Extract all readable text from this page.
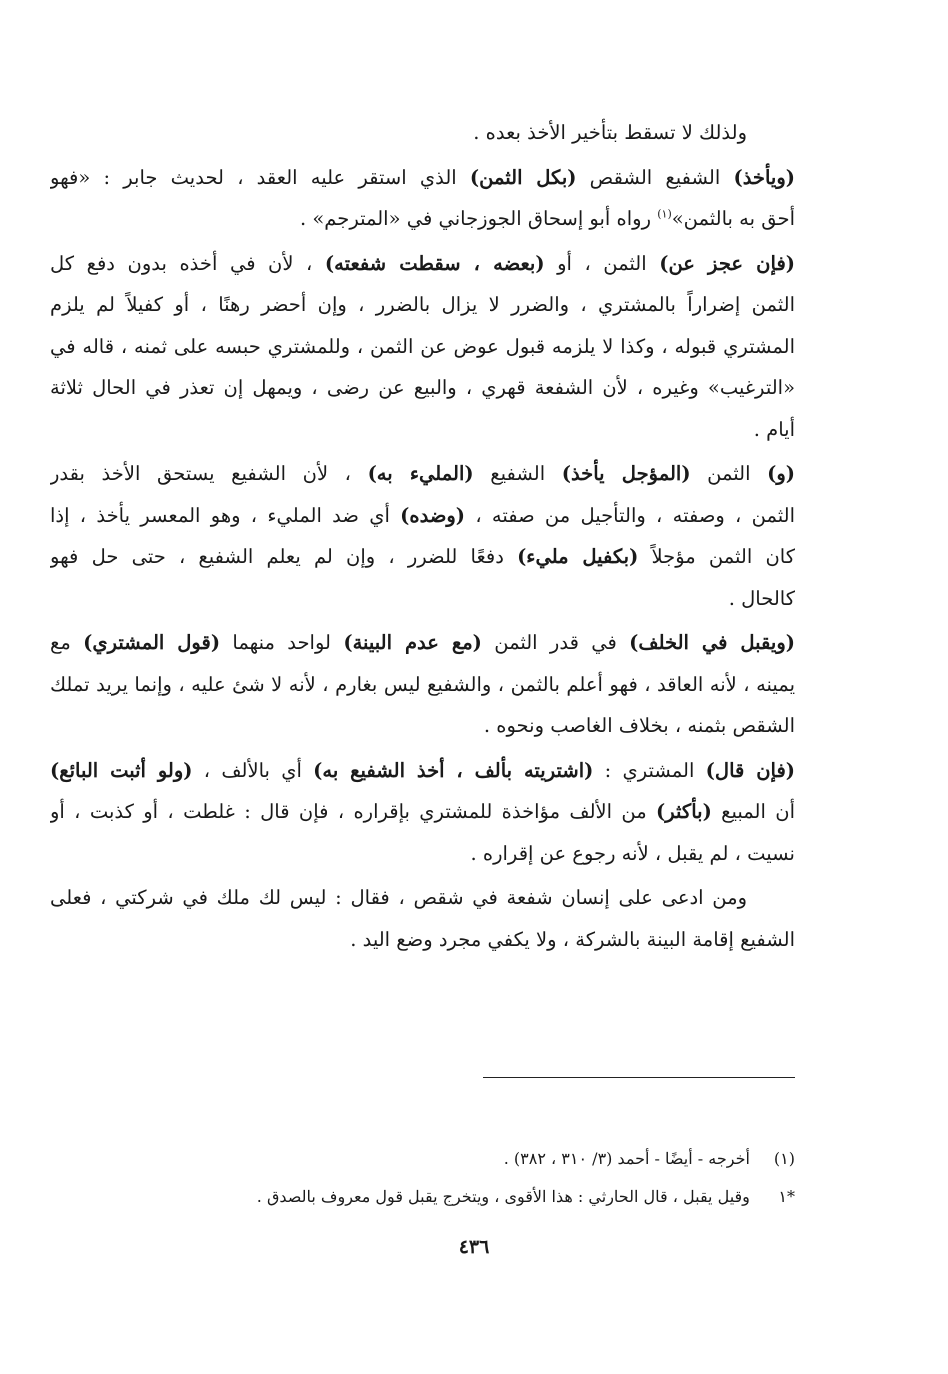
ولذلك لا تسقط بتأخير الأخذ بعده .
(ويأخذ) الشفيع الشقص (بكل الثمن) الذي استقر عليه العقد ، لحديث جابر : «فهو
أحق به بالثمن»$^{(١)}$ رواه أبو إسحاق الجوزجاني في «المترجم» .
(فإن عجز عن) الثمن ، أو (بعضه ، سقطت شفعته) ، لأن في أخذه بدون دفع كل
الثمن إضراراً بالمشتري ، والضرر لا يزال بالضرر ، وإن أحضر رهنًا ، أو كفيلاً لم يلزم
المشتري قبوله ، وكذا لا يلزمه قبول عوض عن الثمن ، وللمشتري حبسه على ثمنه ، قاله في
«الترغيب» وغيره ، لأن الشفعة قهري ، والبيع عن رضى ، ويمهل إن تعذر في الحال ثلاثة
أيام .
(و) الثمن (المؤجل يأخذ) الشفيع (المليء به) ، لأن الشفيع يستحق الأخذ بقدر
الثمن ، وصفته ، والتأجيل من صفته ، (وضده) أي ضد المليء ، وهو المعسر يأخذ ، إذا
كان الثمن مؤجلاً (بكفيل مليء) دفعًا للضرر ، وإن لم يعلم الشفيع ، حتى حل فهو
كالحال .
(ويقبل في الخلف) في قدر الثمن (مع عدم البينة) لواحد منهما (قول المشتري) مع
يمينه ، لأنه العاقد ، فهو أعلم بالثمن ، والشفيع ليس بغارم ، لأنه لا شئ عليه ، وإنما يريد تملك
الشقص بثمنه ، بخلاف الغاصب ونحوه .
(فإن قال) المشتري : (اشتريته بألف ، أخذ الشفيع به) أي بالألف ، (ولو أثبت البائع)
أن المبيع (بأكثر) من الألف مؤاخذة للمشتري بإقراره ، فإن قال : غلطت ، أو كذبت ، أو
نسيت ، لم يقبل ، لأنه رجوع عن إقراره .
ومن ادعى على إنسان شفعة في شقص ، فقال : ليس لك ملك في شركتي ، فعلى
الشفيع إقامة البينة بالشركة ، ولا يكفي مجرد وضع اليد .
(١) أخرجه - أيضًا - أحمد (٣/ ٣١٠ ، ٣٨٢) .
*١ وقيل يقبل ، قال الحارثي : هذا الأقوى ، ويتخرج يقبل قول معروف بالصدق .
٤٣٦
